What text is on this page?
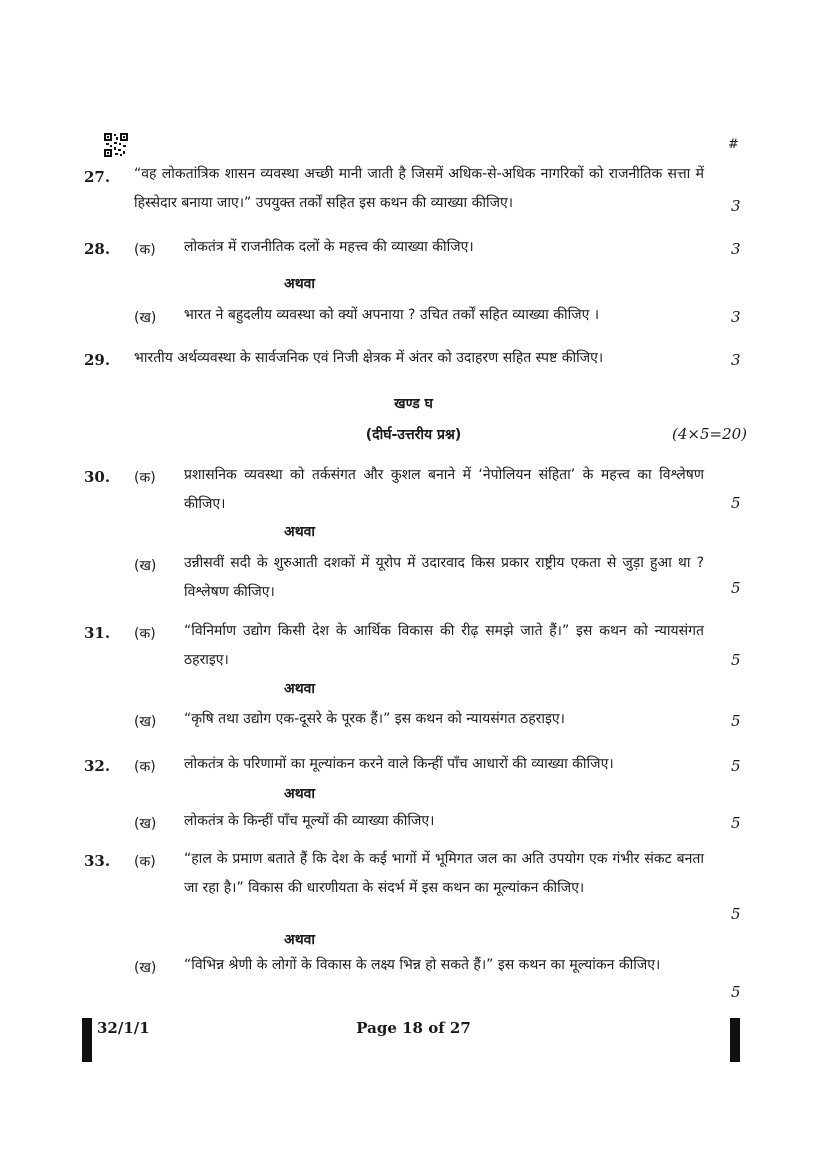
#
27. “वह लोकतांत्रिक शासन व्यवस्था अच्छी मानी जाती है जिसमें अधिक-से-अधिक नागरिकों को राजनीतिक सत्ता में हिस्सेदार बनाया जाए।” उपयुक्त तर्कों सहित इस कथन की व्याख्या कीजिए।	3
28. (क) लोकतंत्र में राजनीतिक दलों के महत्त्व की व्याख्या कीजिए।	3
अथवा
(ख) भारत ने बहुदलीय व्यवस्था को क्यों अपनाया ? उचित तर्कों सहित व्याख्या कीजिए ।	3
29. भारतीय अर्थव्यवस्था के सार्वजनिक एवं निजी क्षेत्रक में अंतर को उदाहरण सहित स्पष्ट कीजिए।	3
खण्ड घ
(दीर्घ-उत्तरीय प्रश्न)	(4×5=20)
30. (क) प्रशासनिक व्यवस्था को तर्कसंगत और कुशल बनाने में ‘नेपोलियन संहिता’ के महत्त्व का विश्लेषण कीजिए।	5
अथवा
(ख) उन्नीसवीं सदी के शुरुआती दशकों में यूरोप में उदारवाद किस प्रकार राष्ट्रीय एकता से जुड़ा हुआ था ? विश्लेषण कीजिए।	5
31. (क) “विनिर्माण उद्योग किसी देश के आर्थिक विकास की रीढ़ समझे जाते हैं।” इस कथन को न्यायसंगत ठहराइए।	5
अथवा
(ख) “कृषि तथा उद्योग एक-दूसरे के पूरक हैं।” इस कथन को न्यायसंगत ठहराइए।	5
32. (क) लोकतंत्र के परिणामों का मूल्यांकन करने वाले किन्हीं पाँच आधारों की व्याख्या कीजिए।	5
अथवा
(ख) लोकतंत्र के किन्हीं पाँच मूल्यों की व्याख्या कीजिए।	5
33. (क) “हाल के प्रमाण बताते हैं कि देश के कई भागों में भूमिगत जल का अति उपयोग एक गंभीर संकट बनता जा रहा है।” विकास की धारणीयता के संदर्भ में इस कथन का मूल्यांकन कीजिए।
5
अथवा
(ख) “विभिन्न श्रेणी के लोगों के विकास के लक्ष्य भिन्न हो सकते हैं।” इस कथन का मूल्यांकन कीजिए।
5
32/1/1	Page 18 of 27
